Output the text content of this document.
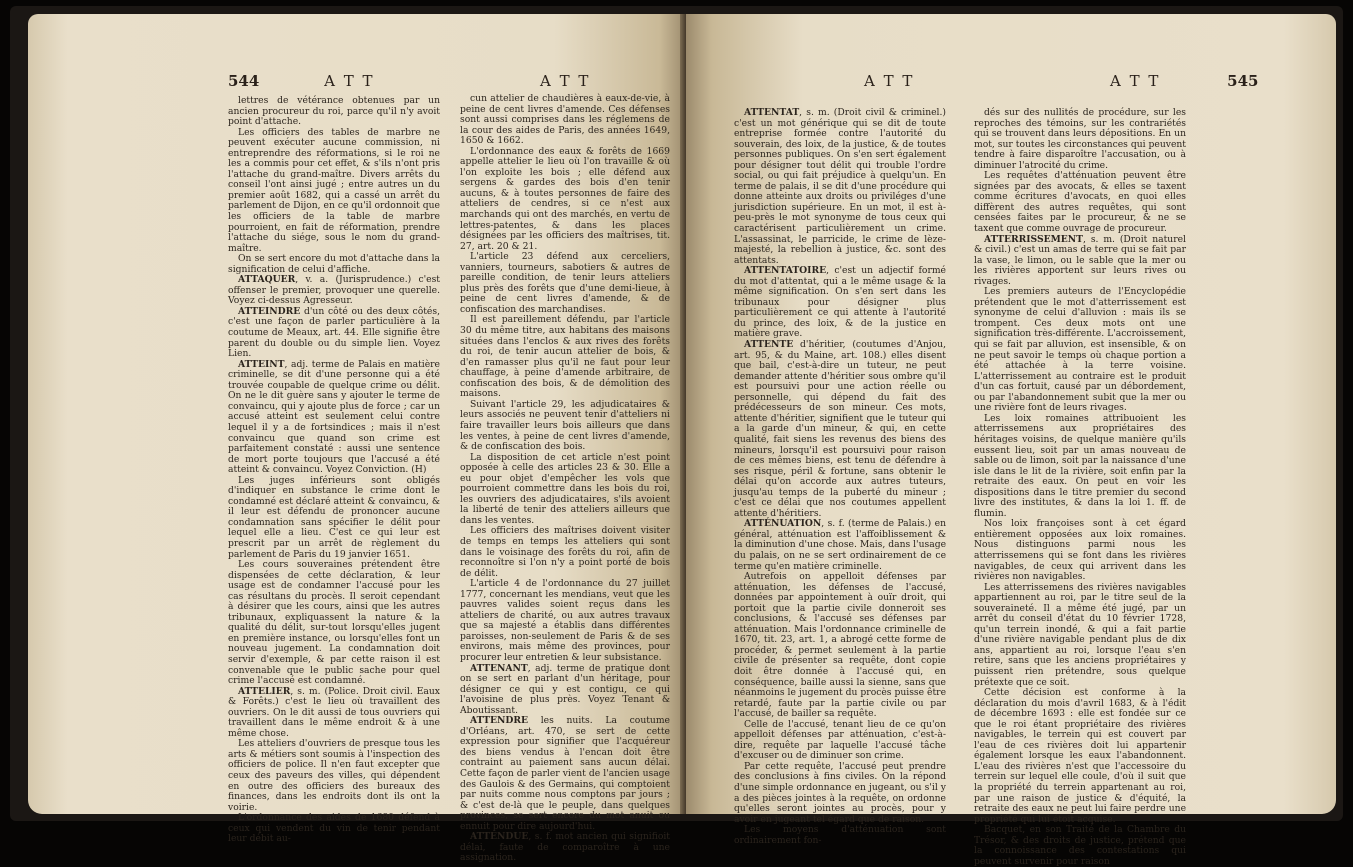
544	A T T	A T T

lettres de vétérance obtenues par un ancien procureur du roi, parce qu'il n'y avoit point d'attache.

Les officiers des tables de marbre ne peuvent exécuter aucune commission, ni entreprendre des réformations, si le roi ne les a commis pour cet effet, & s'ils n'ont pris l'attache du grand-maître. Divers arrêts du conseil l'ont ainsi jugé ; entre autres un du premier août 1682, qui a cassé un arrêt du parlement de Dijon, en ce qu'il ordonnoit que les officiers de la table de marbre pourroient, en fait de réformation, prendre l'attache du siége, sous le nom du grand-maître.

On se sert encore du mot d'attache dans la signification de celui d'affiche.

ATTAQUER, v. a. (Jurisprudence.) c'est offenser le premier, provoquer une querelle. Voyez ci-dessus Agresseur.

ATTEINDRE d'un côté ou des deux côtés, c'est une façon de parler particulière à la coutume de Meaux, art. 44. Elle signifie être parent du double ou du simple lien. Voyez Lien.

ATTEINT, adj. terme de Palais en matière criminelle, se dit d'une personne qui a été trouvée coupable de quelque crime ou délit. On ne le dit guère sans y ajouter le terme de convaincu, qui y ajoute plus de force ; car un accusé atteint est seulement celui contre lequel il y a de fortsindices ; mais il n'est convaincu que quand son crime est parfaitement constaté : aussi une sentence de mort porte toujours que l'accusé a été atteint & convaincu. Voyez Conviction. (H)

Les juges inférieurs sont obligés d'indiquer en substance le crime dont le condamné est déclaré atteint & convaincu, & il leur est défendu de prononcer aucune condamnation sans spécifier le délit pour lequel elle a lieu. C'est ce qui leur est prescrit par un arrêt de règlement du parlement de Paris du 19 janvier 1651.

Les cours souveraines prétendent être dispensées de cette déclaration, & leur usage est de condamner l'accusé pour les cas résultans du procès. Il seroit cependant à désirer que les cours, ainsi que les autres tribunaux, expliquassent la nature & la qualité du délit, sur-tout lorsqu'elles jugent en première instance, ou lorsqu'elles font un nouveau jugement. La condamnation doit servir d'exemple, & par cette raison il est convenable que le public sache pour quel crime l'accusé est condamné.

ATTELIER, s. m. (Police. Droit civil. Eaux & Forêts.) c'est le lieu où travaillent des ouvriers. On le dit aussi de tous ouvriers qui travaillent dans le même endroit & à une même chose.

Les atteliers d'ouvriers de presque tous les arts & métiers sont soumis à l'inspection des officiers de police. Il n'en faut excepter que ceux des paveurs des villes, qui dépendent en outre des officiers des bureaux des finances, dans les endroits dont ils ont la voirie.

L'ordonnance des aides de 1680 défend à ceux qui vendent du vin de tenir pendant leur débit au-

cun attelier de chaudières à eaux-de-vie, à peine de cent livres d'amende. Ces défenses sont aussi comprises dans les réglemens de la cour des aides de Paris, des années 1649, 1650 & 1662.

L'ordonnance des eaux & forêts de 1669 appelle attelier le lieu où l'on travaille & où l'on exploite les bois ; elle défend aux sergens & gardes des bois d'en tenir aucuns, & à toutes personnes de faire des atteliers de cendres, si ce n'est aux marchands qui ont des marchés, en vertu de lettres-patentes, & dans les places désignées par les officiers des maîtrises, tit. 27, art. 20 & 21.

L'article 23 défend aux cerceliers, vanniers, tourneurs, sabotiers & autres de pareille condition, de tenir leurs atteliers plus près des forêts que d'une demi-lieue, à peine de cent livres d'amende, & de confiscation des marchandises.

Il est pareillement défendu, par l'article 30 du même titre, aux habitans des maisons situées dans l'enclos & aux rives des forêts du roi, de tenir aucun attelier de bois, & d'en ramasser plus qu'il ne faut pour leur chauffage, à peine d'amende arbitraire, de confiscation des bois, & de démolition des maisons.

Suivant l'article 29, les adjudicataires & leurs associés ne peuvent tenir d'atteliers ni faire travailler leurs bois ailleurs que dans les ventes, à peine de cent livres d'amende, & de confiscation des bois.

La disposition de cet article n'est point opposée à celle des articles 23 & 30. Elle a eu pour objet d'empêcher les vols que pourroient commettre dans les bois du roi, les ouvriers des adjudicataires, s'ils avoient la liberté de tenir des atteliers ailleurs que dans les ventes.

Les officiers des maîtrises doivent visiter de temps en temps les atteliers qui sont dans le voisinage des forêts du roi, afin de reconnoître si l'on n'y a point porté de bois de délit.

L'article 4 de l'ordonnance du 27 juillet 1777, concernant les mendians, veut que les pauvres valides soient reçus dans les atteliers de charité, ou aux autres travaux que sa majesté a établis dans différentes paroisses, non-seulement de Paris & de ses environs, mais même des provinces, pour procurer leur entretien & leur subsistance.

ATTENANT, adj. terme de pratique dont on se sert en parlant d'un héritage, pour désigner ce qui y est contigu, ce qui l'avoisine de plus près. Voyez Tenant & Aboutissant.

ATTENDRE les nuits. La coutume d'Orléans, art. 470, se sert de cette expression pour signifier que l'acquéreur des biens vendus à l'encan doit être contraint au paiement sans aucun délai. Cette façon de parler vient de l'ancien usage des Gaulois & des Germains, qui comptoient par nuits comme nous comptons par jours ; & c'est de-là que le peuple, dans quelques provinces, se sert encore du mot anuit ou ennuit pour dire aujourd'hui.

ATTENDUE, s. f. mot ancien qui signifioit délai, faute de comparoître à une assignation.

A T T	A T T	545

ATTENTAT, s. m. (Droit civil & criminel.) c'est un mot générique qui se dit de toute entreprise formée contre l'autorité du souverain, des loix, de la justice, & de toutes personnes publiques. On s'en sert également pour désigner tout délit qui trouble l'ordre social, ou qui fait préjudice à quelqu'un. En terme de palais, il se dit d'une procédure qui donne atteinte aux droits ou priviléges d'une jurisdiction supérieure. En un mot, il est à-peu-près le mot synonyme de tous ceux qui caractérisent particulièrement un crime. L'assassinat, le parricide, le crime de lèze-majesté, la rebellion à justice, &c. sont des attentats.

ATTENTATOIRE, c'est un adjectif formé du mot d'attentat, qui a le même usage & la même signification. On s'en sert dans les tribunaux pour désigner plus particulièrement ce qui attente à l'autorité du prince, des loix, & de la justice en matière grave.

ATTENTE d'héritier, (coutumes d'Anjou, art. 95, & du Maine, art. 108.) elles disent que bail, c'est-à-dire un tuteur, ne peut demander attente d'héritier sous ombre qu'il est poursuivi pour une action réelle ou personnelle, qui dépend du fait des prédécesseurs de son mineur. Ces mots, attente d'héritier, signifient que le tuteur qui a la garde d'un mineur, & qui, en cette qualité, fait siens les revenus des biens des mineurs, lorsqu'il est poursuivi pour raison de ces mêmes biens, est tenu de défendre à ses risque, péril & fortune, sans obtenir le délai qu'on accorde aux autres tuteurs, jusqu'au temps de la puberté du mineur ; c'est ce délai que nos coutumes appellent attente d'héritiers.

ATTÉNUATION, s. f. (terme de Palais.) en général, atténuation est l'affoiblissement & la diminution d'une chose. Mais, dans l'usage du palais, on ne se sert ordinairement de ce terme qu'en matière criminelle.

Autrefois on appelloit défenses par atténuation, les défenses de l'accusé, données par appointement à ouïr droit, qui portoit que la partie civile donneroit ses conclusions, & l'accusé ses défenses par atténuation. Mais l'ordonnance criminelle de 1670, tit. 23, art. 1, a abrogé cette forme de procéder, & permet seulement à la partie civile de présenter sa requête, dont copie doit être donnée à l'accusé qui, en conséquence, baille aussi la sienne, sans que néanmoins le jugement du procès puisse être retardé, faute par la partie civile ou par l'accusé, de bailler sa requête.

Celle de l'accusé, tenant lieu de ce qu'on appelloit défenses par atténuation, c'est-à-dire, requête par laquelle l'accusé tâche d'excuser ou de diminuer son crime.

Par cette requête, l'accusé peut prendre des conclusions à fins civiles. On la répond d'une simple ordonnance en jugeant, ou s'il y a des pièces jointes à la requête, on ordonne qu'elles seront jointes au procès, pour y avoir en jugeant tel égard que de raison.

Les moyens d'atténuation sont ordinairement fon-

dés sur des nullités de procédure, sur les reproches des témoins, sur les contrariétés qui se trouvent dans leurs dépositions. En un mot, sur toutes les circonstances qui peuvent tendre à faire disparoître l'accusation, ou à diminuer l'atrocité du crime.

Les requêtes d'atténuation peuvent être signées par des avocats, & elles se taxent comme écritures d'avocats, en quoi elles diffèrent des autres requêtes, qui sont censées faites par le procureur, & ne se taxent que comme ouvrage de procureur.

ATTERRISSEMENT, s. m. (Droit naturel & civil.) c'est un amas de terre qui se fait par la vase, le limon, ou le sable que la mer ou les rivières apportent sur leurs rives ou rivages.

Les premiers auteurs de l'Encyclopédie prétendent que le mot d'atterrissement est synonyme de celui d'alluvion : mais ils se trompent. Ces deux mots ont une signification très-différente. L'accroissement, qui se fait par alluvion, est insensible, & on ne peut savoir le temps où chaque portion a été attachée à la terre voisine. L'atterrissement au contraire est le produit d'un cas fortuit, causé par un débordement, ou par l'abandonnement subit que la mer ou une rivière font de leurs rivages.

Les loix romaines attribuoient les atterrissemens aux propriétaires des héritages voisins, de quelque manière qu'ils eussent lieu, soit par un amas nouveau de sable ou de limon, soit par la naissance d'une isle dans le lit de la rivière, soit enfin par la retraite des eaux. On peut en voir les dispositions dans le titre premier du second livre des institutes, & dans la loi 1. ff. de flumin.

Nos loix françoises sont à cet égard entièrement opposées aux loix romaines. Nous distinguons parmi nous les atterrissemens qui se font dans les rivières navigables, de ceux qui arrivent dans les rivières non navigables.

Les atterrissemens des rivières navigables appartiennent au roi, par le titre seul de la souveraineté. Il a même été jugé, par un arrêt du conseil d'état du 10 février 1728, qu'un terrein inondé, & qui a fait partie d'une rivière navigable pendant plus de dix ans, appartient au roi, lorsque l'eau s'en retire, sans que les anciens propriétaires y puissent rien prétendre, sous quelque prétexte que ce soit.

Cette décision est conforme à la déclaration du mois d'avril 1683, & à l'édit de décembre 1693 : elle est fondée sur ce que le roi étant propriétaire des rivières navigables, le terrein qui est couvert par l'eau de ces rivières doit lui appartenir également lorsque les eaux l'abandonnent. L'eau des rivières n'est que l'accessoire du terrein sur lequel elle coule, d'où il suit que la propriété du terrein appartenant au roi, par une raison de justice & d'équité, la retraite des eaux ne peut lui faire perdre une propriété qui lui étoit acquise.

Bacquet, en son Traité de la Chambre du Trésor, & des droits de justice, prétend que la connoissance des contestations qui peuvent survenir pour raison
